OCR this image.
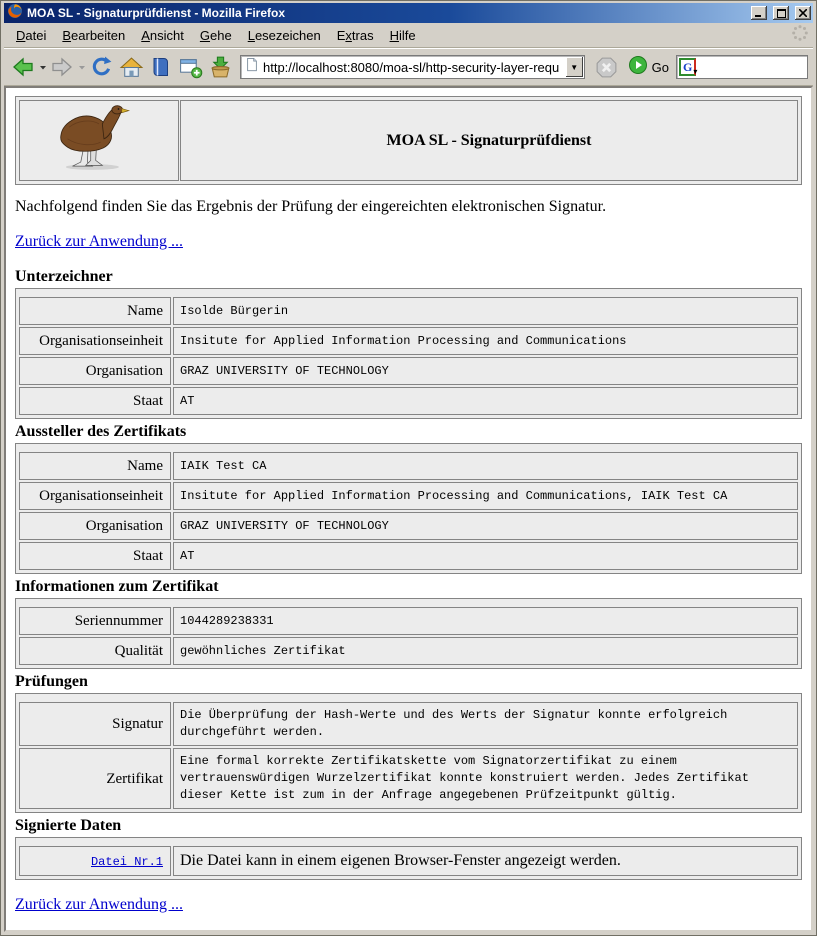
MOA SL - Signaturprüfdienst - Mozilla Firefox
Datei	Bearbeiten	Ansicht	Gehe	Lesezeichen	Extras	Hilfe
http://localhost:8080/moa-sl/http-security-layer-requ
▼	Go	G ▾
	MOA SL - Signaturprüfdienst

Nachfolgend finden Sie das Ergebnis der Prüfung der eingereichten elektronischen Signatur.

Zurück zur Anwendung ...
Unterzeichner
Name	Isolde Bürgerin
Organisationseinheit	Insitute for Applied Information Processing and Communications
Organisation	GRAZ UNIVERSITY OF TECHNOLOGY
Staat	AT
Aussteller des Zertifikats
Name	IAIK Test CA
Organisationseinheit	Insitute for Applied Information Processing and Communications, IAIK Test CA
Organisation	GRAZ UNIVERSITY OF TECHNOLOGY
Staat	AT
Informationen zum Zertifikat
Seriennummer	1044289238331
Qualität	gewöhnliches Zertifikat
Prüfungen
Signatur	Die Überprüfung der Hash-Werte und des Werts der Signatur konnte erfolgreich durchgeführt werden.
Zertifikat	Eine formal korrekte Zertifikatskette vom Signatorzertifikat zu einem vertrauenswürdigen Wurzelzertifikat konnte konstruiert werden. Jedes Zertifikat dieser Kette ist zum in der Anfrage angegebenen Prüfzeitpunkt gültig.
Signierte Daten
Datei Nr.1	Die Datei kann in einem eigenen Browser-Fenster angezeigt werden.
Zurück zur Anwendung ...
